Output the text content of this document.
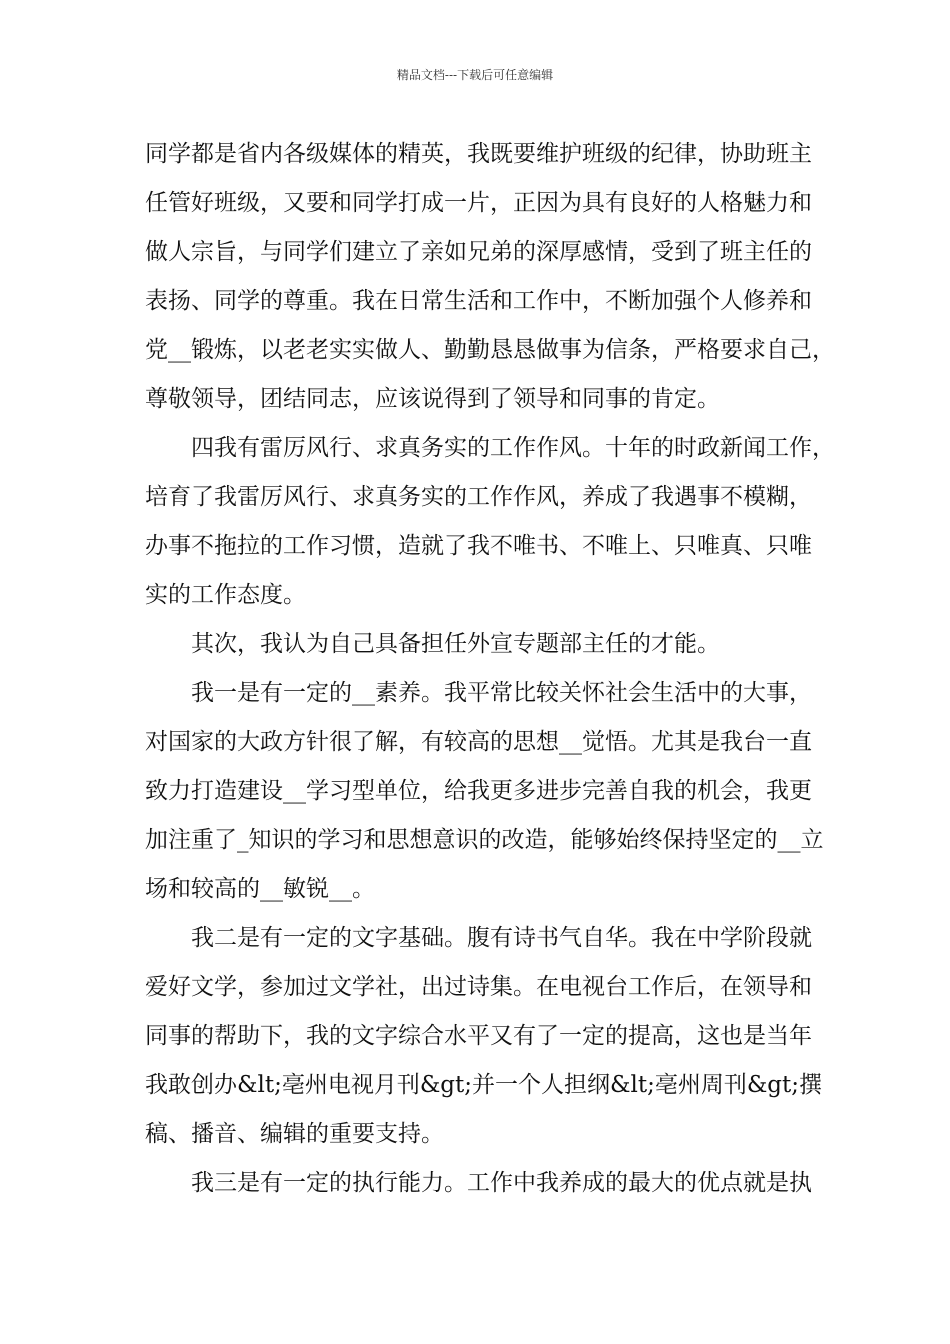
精品文档---下载后可任意编辑
同学都是省内各级媒体的精英，我既要维护班级的纪律，协助班主
任管好班级，又要和同学打成一片，正因为具有良好的人格魅力和
做人宗旨，与同学们建立了亲如兄弟的深厚感情，受到了班主任的
表扬、同学的尊重。我在日常生活和工作中，不断加强个人修养和
党__锻炼，以老老实实做人、勤勤恳恳做事为信条，严格要求自己，
尊敬领导，团结同志，应该说得到了领导和同事的肯定。
四我有雷厉风行、求真务实的工作作风。十年的时政新闻工作，
培育了我雷厉风行、求真务实的工作作风，养成了我遇事不模糊，
办事不拖拉的工作习惯，造就了我不唯书、不唯上、只唯真、只唯
实的工作态度。
其次，我认为自己具备担任外宣专题部主任的才能。
我一是有一定的__素养。我平常比较关怀社会生活中的大事，
对国家的大政方针很了解，有较高的思想__觉悟。尤其是我台一直
致力打造建设__学习型单位，给我更多进步完善自我的机会，我更
加注重了_知识的学习和思想意识的改造，能够始终保持坚定的__立
场和较高的__敏锐__。
我二是有一定的文字基础。腹有诗书气自华。我在中学阶段就
爱好文学，参加过文学社，出过诗集。在电视台工作后，在领导和
同事的帮助下，我的文字综合水平又有了一定的提高，这也是当年
我敢创办&lt;亳州电视月刊&gt;并一个人担纲&lt;亳州周刊&gt;撰
稿、播音、编辑的重要支持。
我三是有一定的执行能力。工作中我养成的最大的优点就是执
